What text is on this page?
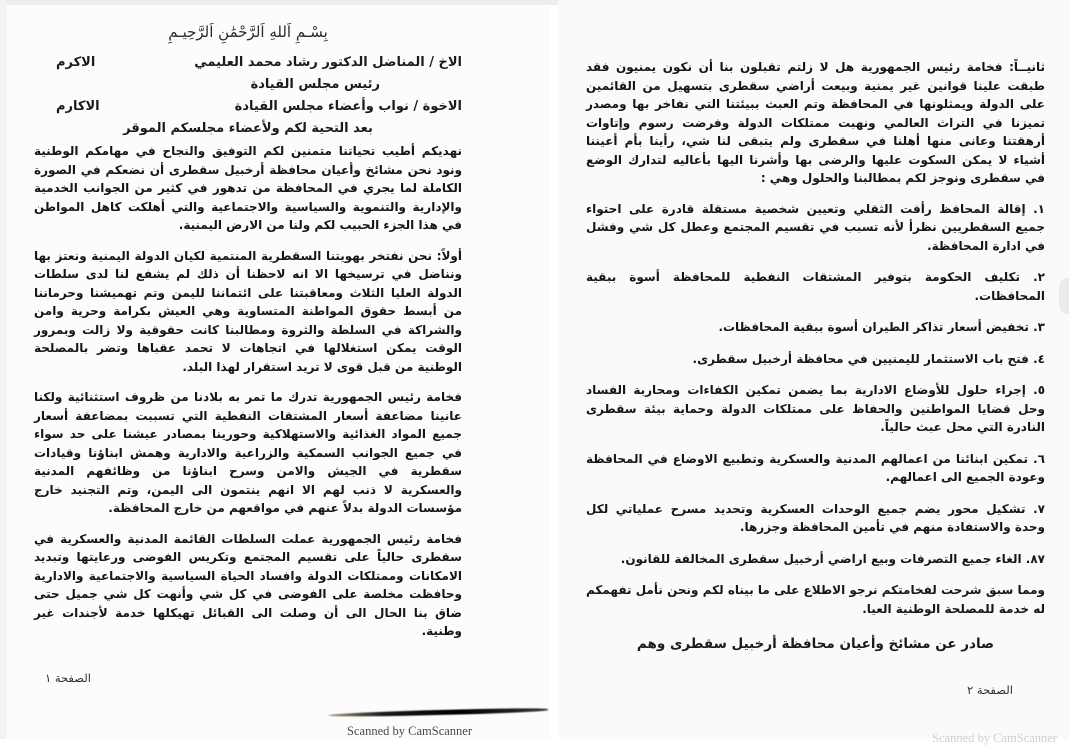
بِسْـمِ اَللهِ اَلرَّحْمَٰنِ اَلرَّحِيـمِ
الاخ / المناضل الدكتور رشاد محمد العليمي
الاكرم
رئيس مجلس القيادة
الاخوة / نواب وأعضاء مجلس القيادة
الاكارم
بعد التحية لكم ولأعضاء مجلسكم الموقر

نهديكم أطيب تحياتنا متمنين لكم التوفيق والنجاح في مهامكم الوطنية ونود نحن مشائخ وأعيان محافظة أرخبيل سقطرى أن نضعكم في الصورة الكاملة لما يجري في المحافظة من تدهور في كثير من الجوانب الخدمية والإدارية والتنموية والسياسية والاجتماعية والتي أهلكت كاهل المواطن في هذا الجزء الحبيب لكم ولنا من الارض اليمنية.

أولاً: نحن نفتخر بهويتنا السقطرية المنتمية لكيان الدولة اليمنية ونعتز بها ونناضل في ترسيخها الا انه لاحظنا أن ذلك لم يشفع لنا لدى سلطات الدولة العليا الثلاث ومعاقبتنا على ائتماننا لليمن وتم تهميشنا وحرماننا من أبسط حقوق المواطنة المتساوية وهي العيش بكرامة وحرية وامن والشراكة في السلطة والثروة ومطالبنا كانت حقوقية ولا زالت وبمرور الوقت يمكن استغلالها في اتجاهات لا تحمد عقباها وتضر بالمصلحة الوطنية من قبل قوى لا تريد استقرار لهذا البلد.

فخامة رئيس الجمهورية تدرك ما تمر به بلادنا من ظروف استثنائية ولكنا عانينا مضاعفة أسعار المشتقات النفطية التي تسببت بمضاعفة أسعار جميع المواد الغذائية والاستهلاكية وحورينا بمصادر عيشنا على حد سواء في جميع الجوانب السمكية والزراعية والادارية وهمش ابناؤنا وقيادات سقطرية في الجيش والامن وسرح ابناؤنا من وظائفهم المدنية والعسكرية لا ذنب لهم الا انهم ينتمون الى اليمن، وتم التجنيد خارج مؤسسات الدولة بدلاً عنهم في مواقعهم من خارج المحافظة.

فخامة رئيس الجمهورية عملت السلطات القائمة المدنية والعسكرية في سقطرى حالياً على تقسيم المجتمع وتكريس الفوضى ورعايتها وتبديد الامكانات وممتلكات الدولة وافساد الحياة السياسية والاجتماعية والادارية وحافظت مخلصة على الفوضى في كل شي وأنهت كل شي جميل حتى ضاق بنا الحال الى أن وصلت الى القبائل تهيكلها خدمة لأجندات غير وطنية.

الصفحة ١
Scanned by CamScanner

ثانيــاً: فخامة رئيس الجمهورية هل لا زلتم تقبلون بنا أن نكون يمنيون فقد طبقت علينا قوانين غير يمنية وبيعت أراضي سقطرى بتسهيل من القائمين على الدولة ويمثلونها في المحافظة وتم العبث ببيئتنا التي نفاخر بها ومصدر تميزنا في التراث العالمي ونهبت ممتلكات الدولة وفرضت رسوم وإتاوات أرهقتنا وعانى منها أهلنا في سقطرى ولم يتبقى لنا شي، رأينا بأم أعيننا أشياء لا يمكن السكوت عليها والرضى بها وأشرنا اليها بأعاليه لتدارك الوضع في سقطرى ونوجز لكم بمطالبنا والحلول وهي :

١. إقالة المحافظ رأفت الثقلي وتعيين شخصية مستقلة قادرة على احتواء جميع السقطريين نظرأ لأنه تسبب في تقسيم المجتمع وعطل كل شي وفشل في ادارة المحافظة.

٢. تكليف الحكومة بتوفير المشتقات النفطية للمحافظة أسوة ببقية المحافظات.

٣. تخفيض أسعار تذاكر الطيران أسوة ببقية المحافظات.

٤. فتح باب الاستثمار لليمنيين في محافظة أرخبيل سقطرى.

٥. إجراء حلول للأوضاع الادارية بما يضمن تمكين الكفاءات ومحاربة الفساد وحل قضايا المواطنين والحفاظ على ممتلكات الدولة وحماية بيئة سقطرى النادرة التي محل عبث حالياً.

٦. تمكين ابنائنا من اعمالهم المدنية والعسكرية وتطبيع الاوضاع في المحافظة وعودة الجميع الى اعمالهم.

٧. تشكيل محور يضم جميع الوحدات العسكرية وتحديد مسرح عملياتي لكل وحدة والاستفادة منهم في تأمين المحافظة وجزرها.

٨٧. الغاء جميع التصرفات وبيع اراضي أرخبيل سقطرى المخالفة للقانون.

ومما سبق شرحت لفخامتكم نرجو الاطلاع على ما بيناه لكم ونحن نأمل تفهمكم له خدمة للمصلحة الوطنية العيا.

صادر عن مشائخ وأعيان محافظة أرخبيل سقطرى وهم
الصفحة ٢
Scanned by CamScanner
